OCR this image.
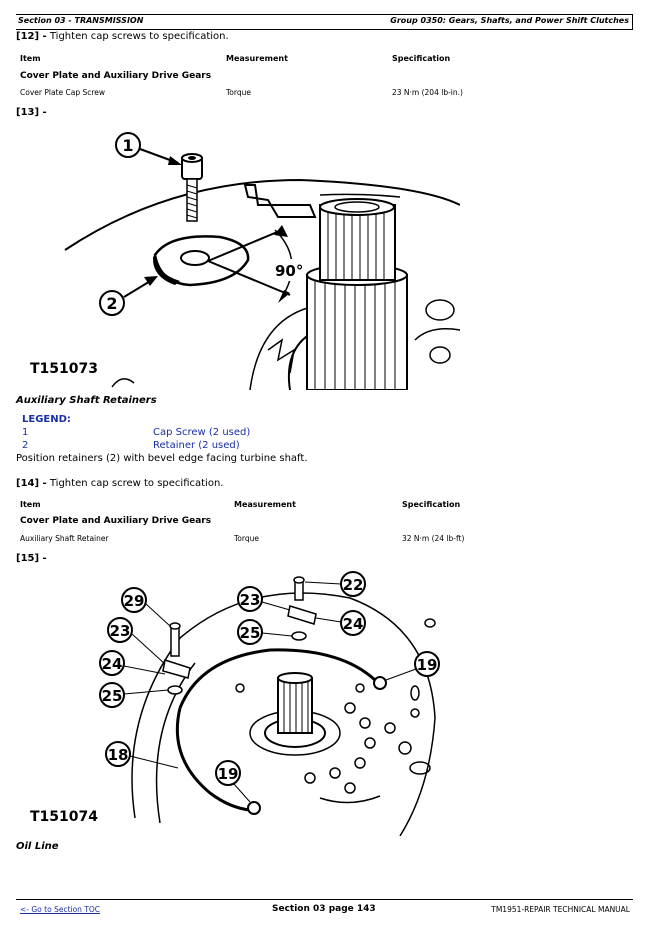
Section 03 - TRANSMISSION	Group 0350: Gears, Shafts, and Power Shift Clutches
[12] - Tighten cap screws to specification.
Item	Measurement	Specification
Cover Plate and Auxiliary Drive Gears
Cover Plate Cap Screw	Torque	23 N·m (204 lb-in.)
[13] -
90°
1
2
T151073
Auxiliary Shaft Retainers
LEGEND:
1	Cap Screw (2 used)
2	Retainer (2 used)
Position retainers (2) with bevel edge facing turbine shaft.
[14] - Tighten cap screw to specification.
Item	Measurement	Specification
Cover Plate and Auxiliary Drive Gears
Auxiliary Shaft Retainer	Torque	32 N·m (24 lb-ft)
[15] -
29
23
24
25
18
19
22
23
24
25
19
T151074
Oil Line
<- Go to Section TOC	Section 03 page 143	TM1951-REPAIR TECHNICAL MANUAL
